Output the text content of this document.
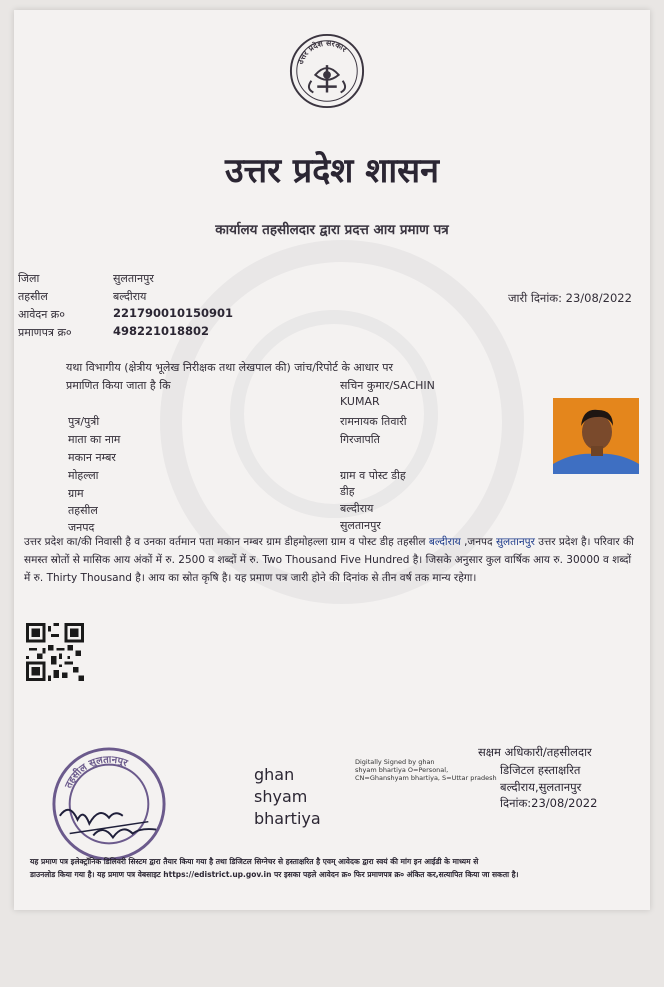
उत्तर प्रदेश सरकार
उत्तर प्रदेश शासन
कार्यालय तहसीलदार द्वारा प्रदत्त आय प्रमाण पत्र
जिला	सुलतानपुर
तहसील	बल्दीराय
आवेदन क्र०	221790010150901
प्रमाणपत्र क्र०	498221018802
जारी दिनांक: 23/08/2022
यथा विभागीय (क्षेत्रीय भूलेख निरीक्षक तथा लेखपाल की) जांच/रिपोर्ट के आधार पर
प्रमाणित किया जाता है कि	सचिन कुमार/SACHIN KUMAR
पुत्र/पुत्री	रामनायक तिवारी
माता का नाम	गिरजापति
मकान नम्बर
मोहल्ला	ग्राम व पोस्ट डीह
ग्राम	डीह
तहसील	बल्दीराय
जनपद	सुलतानपुर
उत्तर प्रदेश का/की निवासी है व उनका वर्तमान पता मकान नम्बर ग्राम डीहमोहल्ला ग्राम व पोस्ट डीह तहसील बल्दीराय ,जनपद सुलतानपुर उत्तर प्रदेश है। परिवार की समस्त स्रोतों से मासिक आय अंकों में रु. 2500 व शब्दों में रु. Two Thousand Five Hundred है। जिसके अनुसार कुल वार्षिक आय रु. 30000 व शब्दों में रु. Thirty Thousand है। आय का स्रोत कृषि है। यह प्रमाण पत्र जारी होने की दिनांक से तीन वर्ष तक मान्य रहेगा।
तहसील सुलतानपुर
ghan
shyam
bhartiya
Digitally Signed by ghan
shyam bhartiya O=Personal,
CN=Ghanshyam bhartiya, S=Uttar pradesh
सक्षम अधिकारी/तहसीलदार
डिजिटल हस्ताक्षरित
बल्दीराय,सुलतानपुर
दिनांक:23/08/2022
यह प्रमाण पत्र इलेक्ट्रॉनिक डिलिवरी सिस्टम द्वारा तैयार किया गया है तथा डिजिटल सिग्नेचर से हस्ताक्षरित है एवम् आवेदक द्वारा स्वयं की मांग इन आईडी के माध्यम से
डाउनलोड किया गया है। यह प्रमाण पत्र वेबसाइट https://edistrict.up.gov.in पर इसका पहले आवेदन क्र० फिर प्रमाणपत्र क्र० अंकित कर,सत्यापित किया जा सकता है।
